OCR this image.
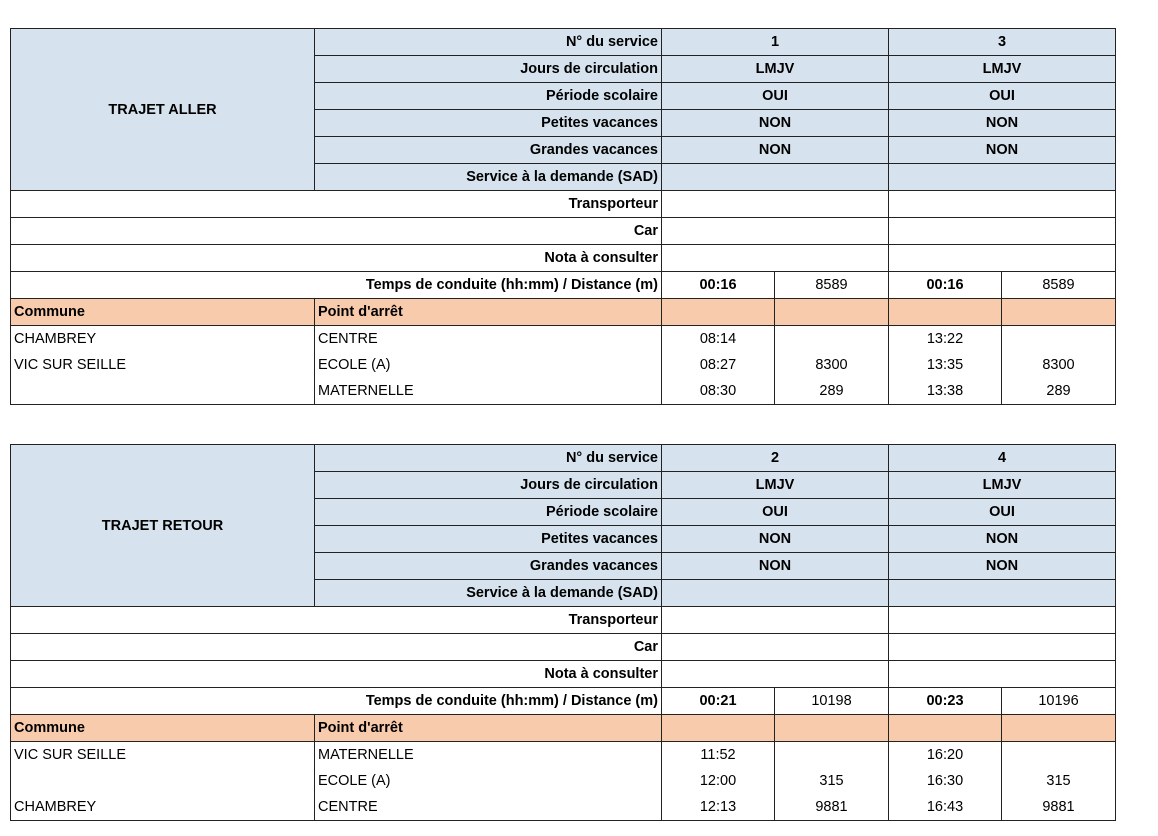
TRAJET ALLER	N° du service	1		3	
	Jours de circulation	LMJV		LMJV	
	Période scolaire	OUI		OUI	
	Petites vacances	NON		NON	
	Grandes vacances	NON		NON	
	Service à la demande (SAD)				
Transporteur					
Car					
Nota à consulter					
Temps de conduite (hh:mm) / Distance (m)		00:16	8589	00:16	8589
Commune	Point d'arrêt				
CHAMBREY	CENTRE	08:14		13:22	
VIC SUR SEILLE	ECOLE (A)	08:27	8300	13:35	8300
	MATERNELLE	08:30	289	13:38	289
TRAJET RETOUR	N° du service	2		4	
	Jours de circulation	LMJV		LMJV	
	Période scolaire	OUI		OUI	
	Petites vacances	NON		NON	
	Grandes vacances	NON		NON	
	Service à la demande (SAD)				
Transporteur					
Car					
Nota à consulter					
Temps de conduite (hh:mm) / Distance (m)		00:21	10198	00:23	10196
Commune	Point d'arrêt				
VIC SUR SEILLE	MATERNELLE	11:52		16:20	
	ECOLE (A)	12:00	315	16:30	315
CHAMBREY	CENTRE	12:13	9881	16:43	9881
